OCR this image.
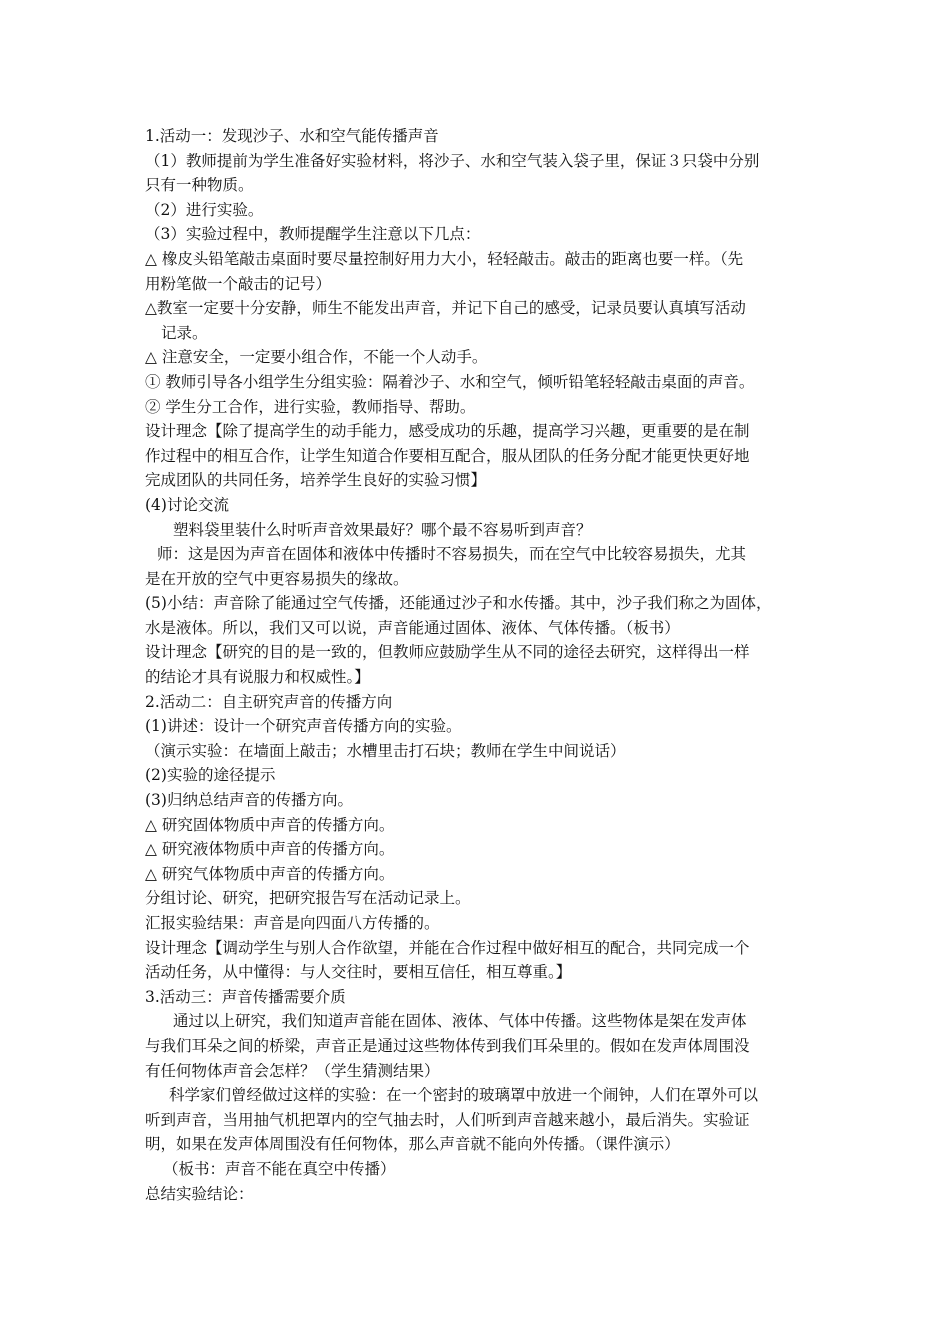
1.活动一：发现沙子、水和空气能传播声音
（1）教师提前为学生准备好实验材料，将沙子、水和空气装入袋子里，保证３只袋中分别
只有一种物质。
（2）进行实验。
（3）实验过程中，教师提醒学生注意以下几点：
△ 橡皮头铅笔敲击桌面时要尽量控制好用力大小，轻轻敲击。敲击的距离也要一样。（先
用粉笔做一个敲击的记号）
△教室一定要十分安静，师生不能发出声音，并记下自己的感受，记录员要认真填写活动
记录。
△ 注意安全，一定要小组合作，不能一个人动手。
① 教师引导各小组学生分组实验：隔着沙子、水和空气，倾听铅笔轻轻敲击桌面的声音。
② 学生分工合作，进行实验，教师指导、帮助。
设计理念【除了提高学生的动手能力，感受成功的乐趣，提高学习兴趣，更重要的是在制
作过程中的相互合作，让学生知道合作要相互配合，服从团队的任务分配才能更快更好地
完成团队的共同任务，培养学生良好的实验习惯】
(4)讨论交流
塑料袋里装什么时听声音效果最好？哪个最不容易听到声音？
师：这是因为声音在固体和液体中传播时不容易损失，而在空气中比较容易损失，尤其
是在开放的空气中更容易损失的缘故。
(5)小结：声音除了能通过空气传播，还能通过沙子和水传播。其中，沙子我们称之为固体，
水是液体。所以，我们又可以说，声音能通过固体、液体、气体传播。（板书）
设计理念【研究的目的是一致的，但教师应鼓励学生从不同的途径去研究，这样得出一样
的结论才具有说服力和权威性。】
2.活动二：自主研究声音的传播方向
(1)讲述：设计一个研究声音传播方向的实验。
（演示实验：在墙面上敲击；水槽里击打石块；教师在学生中间说话）
(2)实验的途径提示
(3)归纳总结声音的传播方向。
△ 研究固体物质中声音的传播方向。
△ 研究液体物质中声音的传播方向。
△ 研究气体物质中声音的传播方向。
分组讨论、研究，把研究报告写在活动记录上。
汇报实验结果：声音是向四面八方传播的。
设计理念【调动学生与别人合作欲望，并能在合作过程中做好相互的配合，共同完成一个
活动任务，从中懂得：与人交往时，要相互信任，相互尊重。】
3.活动三：声音传播需要介质
通过以上研究，我们知道声音能在固体、液体、气体中传播。这些物体是架在发声体
与我们耳朵之间的桥梁，声音正是通过这些物体传到我们耳朵里的。假如在发声体周围没
有任何物体声音会怎样？（学生猜测结果）
科学家们曾经做过这样的实验：在一个密封的玻璃罩中放进一个闹钟，人们在罩外可以
听到声音，当用抽气机把罩内的空气抽去时，人们听到声音越来越小，最后消失。实验证
明，如果在发声体周围没有任何物体，那么声音就不能向外传播。（课件演示）
（板书：声音不能在真空中传播）
总结实验结论：
